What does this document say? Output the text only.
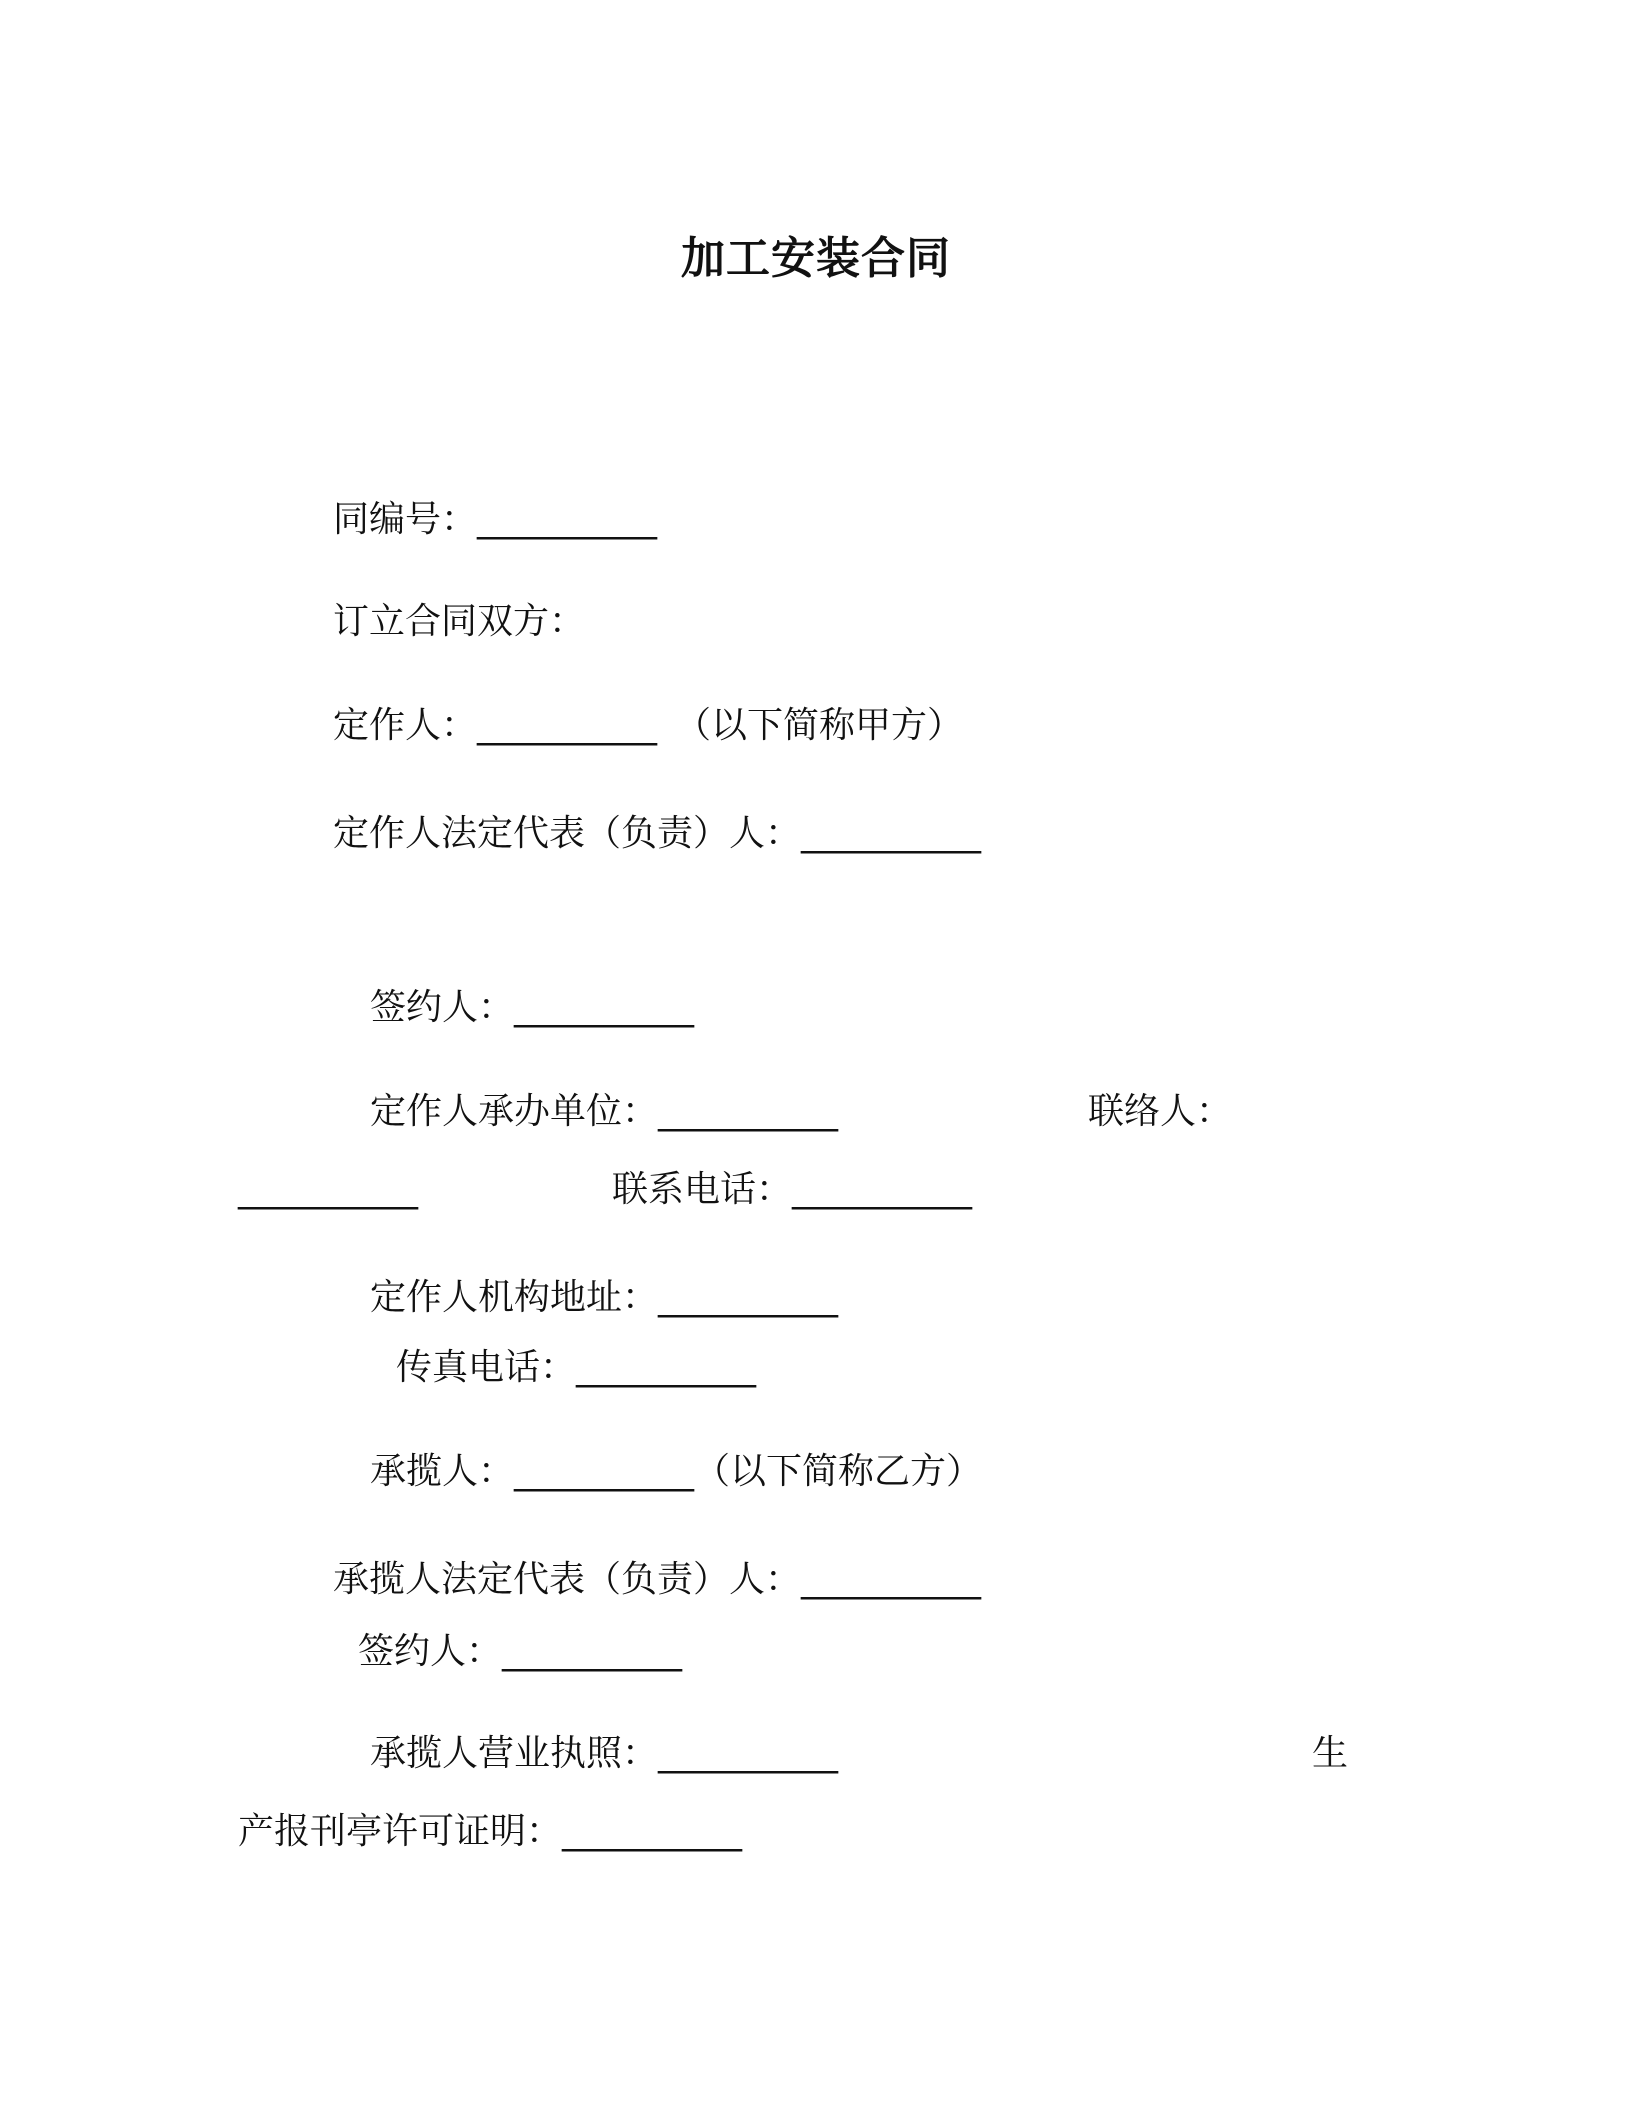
加工安装合同
同编号：__________
订立合同双方：
定作人：__________ （以下简称甲方）
定作人法定代表（负责）人：__________
签约人：__________
定作人承办单位：__________	联络人：
__________	联系电话：__________
定作人机构地址：__________
传真电话：__________
承揽人：__________（以下简称乙方）
承揽人法定代表（负责）人：__________
签约人：__________
承揽人营业执照：__________	生
产报刊亭许可证明：__________
